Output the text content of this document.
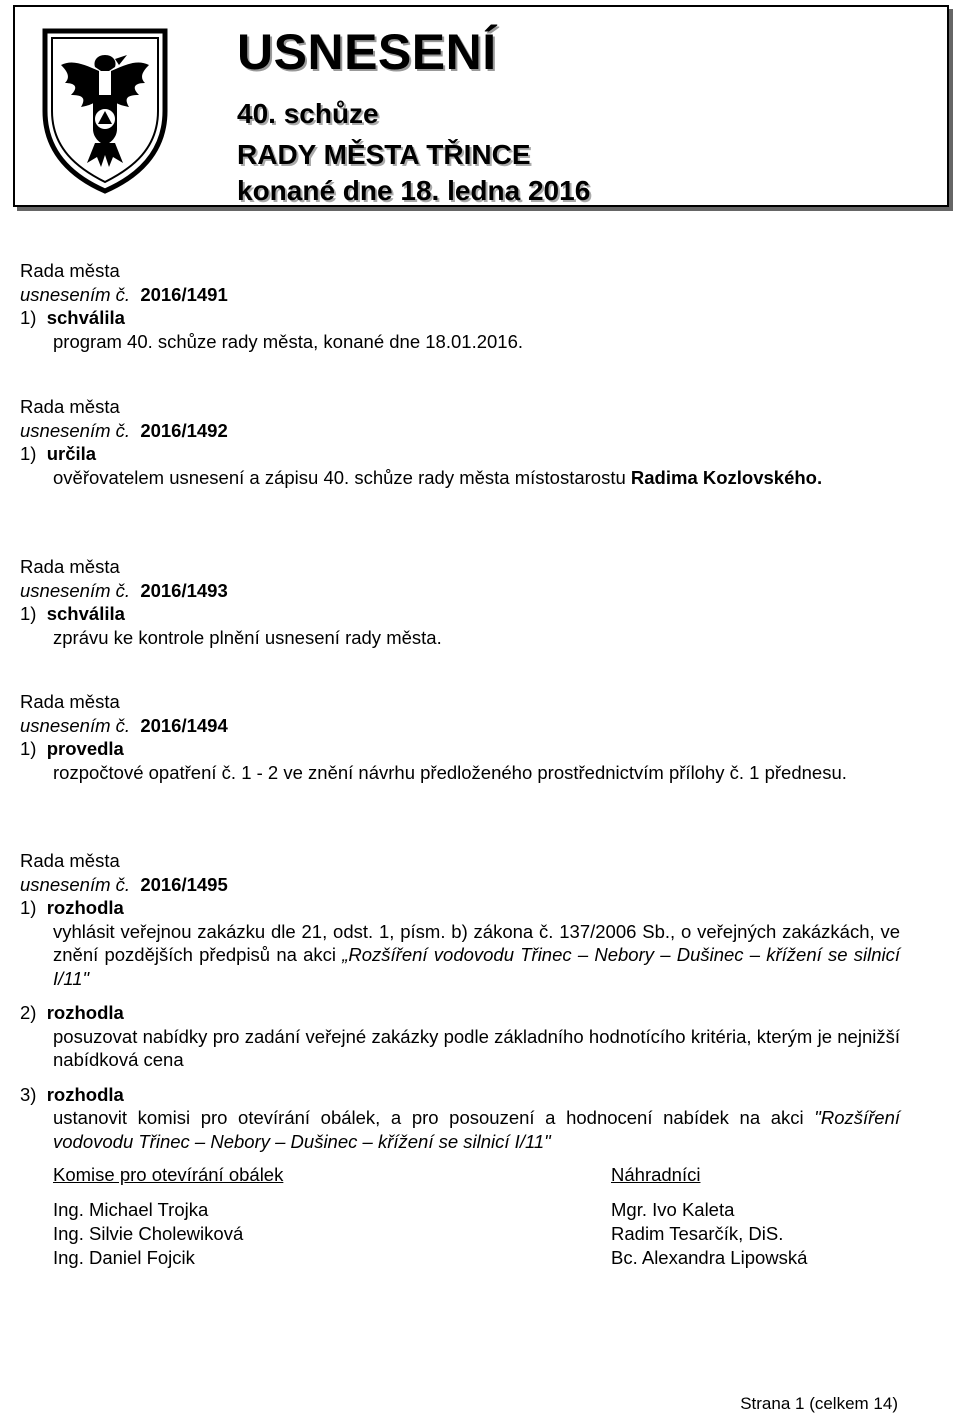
USNESENÍ
40. schůze
RADY MĚSTA TŘINCE
konané dne 18. ledna 2016
Rada města
usnesením č. 2016/1491
1) schválila
program 40. schůze rady města, konané dne 18.01.2016.
Rada města
usnesením č. 2016/1492
1) určila
ověřovatelem usnesení a zápisu 40. schůze rady města místostarostu Radima Kozlovského.
Rada města
usnesením č. 2016/1493
1) schválila
zprávu ke kontrole plnění usnesení rady města.
Rada města
usnesením č. 2016/1494
1) provedla
rozpočtové opatření č. 1 - 2 ve znění návrhu předloženého prostřednictvím přílohy č. 1 přednesu.
Rada města
usnesením č. 2016/1495
1) rozhodla
vyhlásit veřejnou zakázku dle 21, odst. 1, písm. b) zákona č. 137/2006 Sb., o veřejných zakázkách, ve znění pozdějších předpisů na akci „Rozšíření vodovodu Třinec – Nebory – Dušinec – křížení se silnicí I/11"
2) rozhodla
posuzovat nabídky pro zadání veřejné zakázky podle základního hodnotícího kritéria, kterým je nejnižší nabídková cena
3) rozhodla
ustanovit komisi pro otevírání obálek, a pro posouzení a hodnocení nabídek na akci "Rozšíření vodovodu Třinec – Nebory – Dušinec – křížení se silnicí I/11"
Komise pro otevírání obálek
Ing. Michael Trojka
Ing. Silvie Cholewiková
Ing. Daniel Fojcik
Náhradníci
Mgr. Ivo Kaleta
Radim Tesarčík, DiS.
Bc. Alexandra Lipowská
Strana 1 (celkem 14)
